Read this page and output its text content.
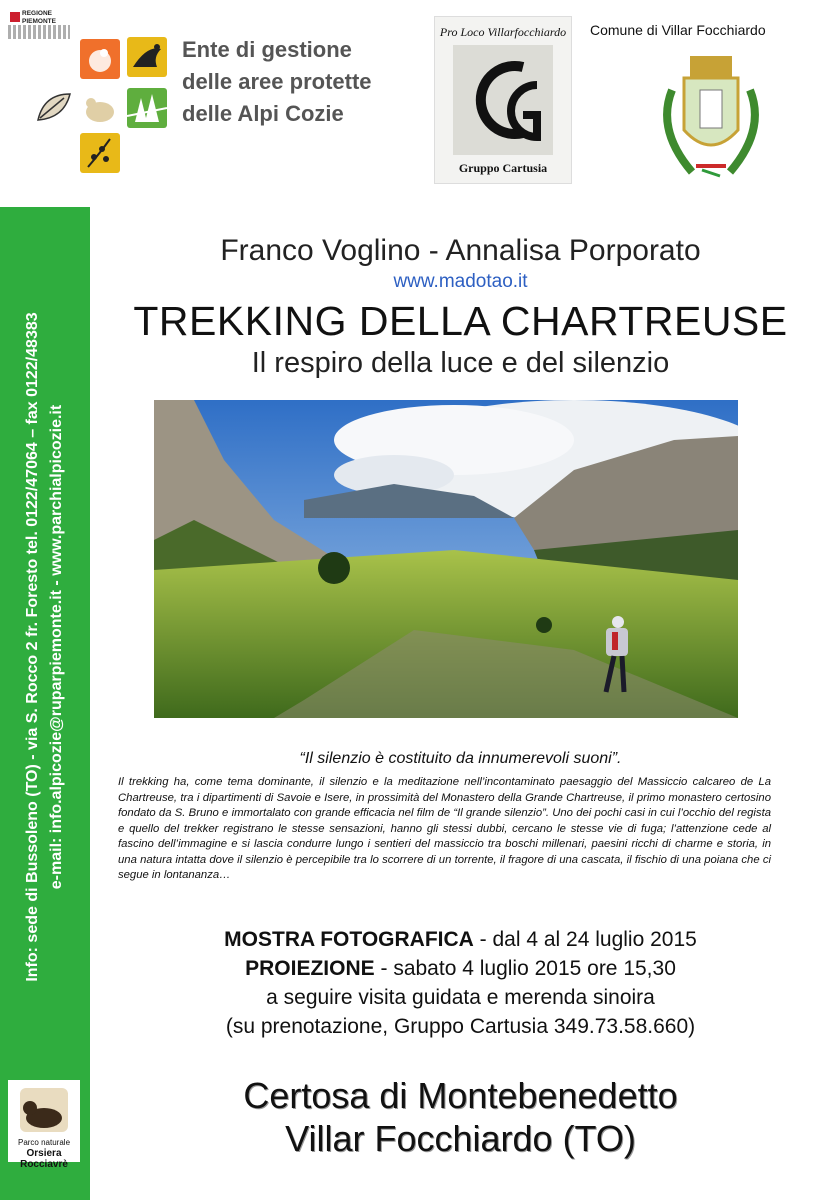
REGIONE
PIEMONTE
Ente di gestione
delle aree protette
delle Alpi Cozie
Pro Loco Villarfocchiardo
Gruppo Cartusia
Comune di Villar Focchiardo
Info: sede di Bussoleno (TO) - via S. Rocco 2 fr. Foresto tel. 0122/47064 – fax 0122/48383 e-mail: info.alpicozie@ruparpiemonte.it - www.parchialpicozie.it
Parco naturale
Orsiera Rocciavrè
Franco Voglino - Annalisa Porporato
www.madotao.it
TREKKING DELLA CHARTREUSE
Il respiro della luce e del silenzio
“Il silenzio è costituito da innumerevoli suoni”.
Il trekking ha, come tema dominante, il silenzio e la meditazione nell’incontaminato paesaggio del Massiccio calcareo de La Chartreuse, tra i dipartimenti di Savoie e Isere, in prossimità del Monastero della Grande Chartreuse, il primo monastero certosino fondato da S. Bruno e immortalato con grande efficacia nel film de “Il grande silenzio”. Uno dei pochi casi in cui l’occhio del regista e quello del trekker registrano le stesse sensazioni, hanno gli stessi dubbi, cercano le stesse vie di fuga; l’attenzione cede al fascino dell’immagine e si lascia condurre lungo i sentieri del massiccio tra boschi millenari, paesini ricchi di charme e storia, in una natura intatta dove il silenzio è percepibile tra lo scorrere di un torrente, il fragore di una cascata, il fischio di una poiana che ci segue in lontananza…
MOSTRA FOTOGRAFICA - dal 4 al 24 luglio 2015
PROIEZIONE - sabato 4 luglio 2015 ore 15,30
a seguire visita guidata e merenda sinoira
(su prenotazione, Gruppo Cartusia 349.73.58.660)
Certosa di Montebenedetto
Villar Focchiardo (TO)
